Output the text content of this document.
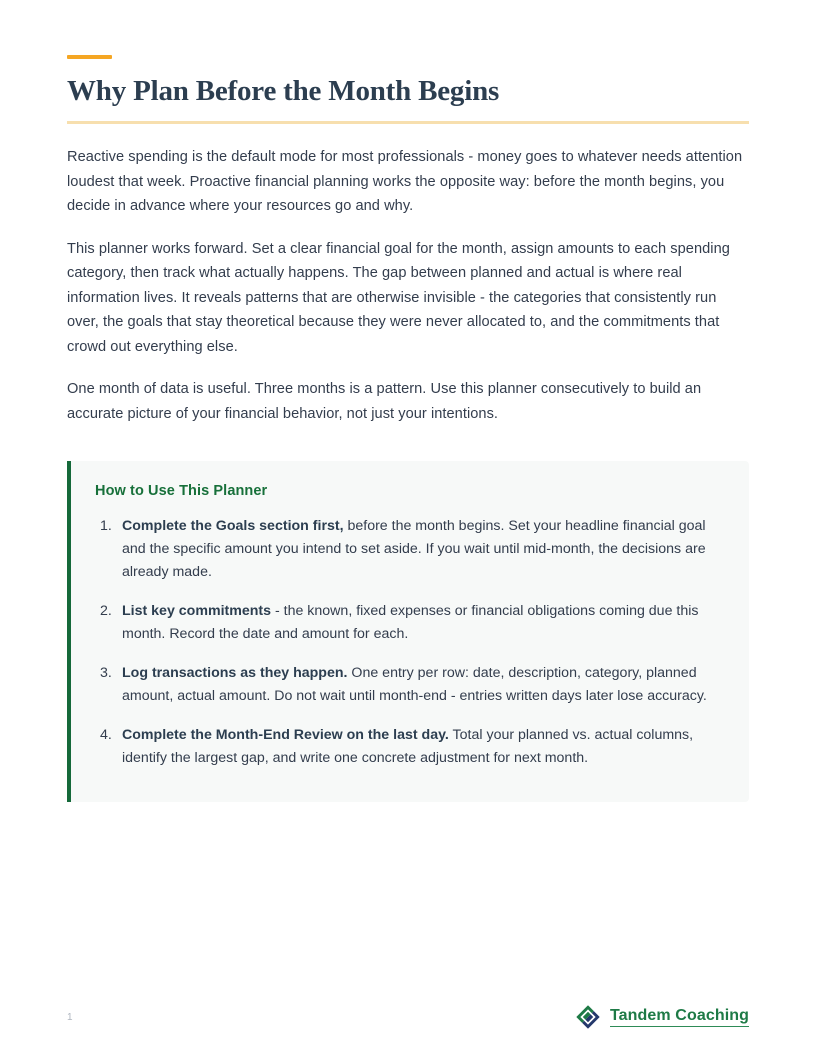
Why Plan Before the Month Begins

Reactive spending is the default mode for most professionals - money goes to whatever needs attention loudest that week. Proactive financial planning works the opposite way: before the month begins, you decide in advance where your resources go and why.

This planner works forward. Set a clear financial goal for the month, assign amounts to each spending category, then track what actually happens. The gap between planned and actual is where real information lives. It reveals patterns that are otherwise invisible - the categories that consistently run over, the goals that stay theoretical because they were never allocated to, and the commitments that crowd out everything else.

One month of data is useful. Three months is a pattern. Use this planner consecutively to build an accurate picture of your financial behavior, not just your intentions.

How to Use This Planner
Complete the Goals section first, before the month begins. Set your headline financial goal and the specific amount you intend to set aside. If you wait until mid-month, the decisions are already made.
List key commitments - the known, fixed expenses or financial obligations coming due this month. Record the date and amount for each.
Log transactions as they happen. One entry per row: date, description, category, planned amount, actual amount. Do not wait until month-end - entries written days later lose accuracy.
Complete the Month-End Review on the last day. Total your planned vs. actual columns, identify the largest gap, and write one concrete adjustment for next month.
1	Tandem Coaching
